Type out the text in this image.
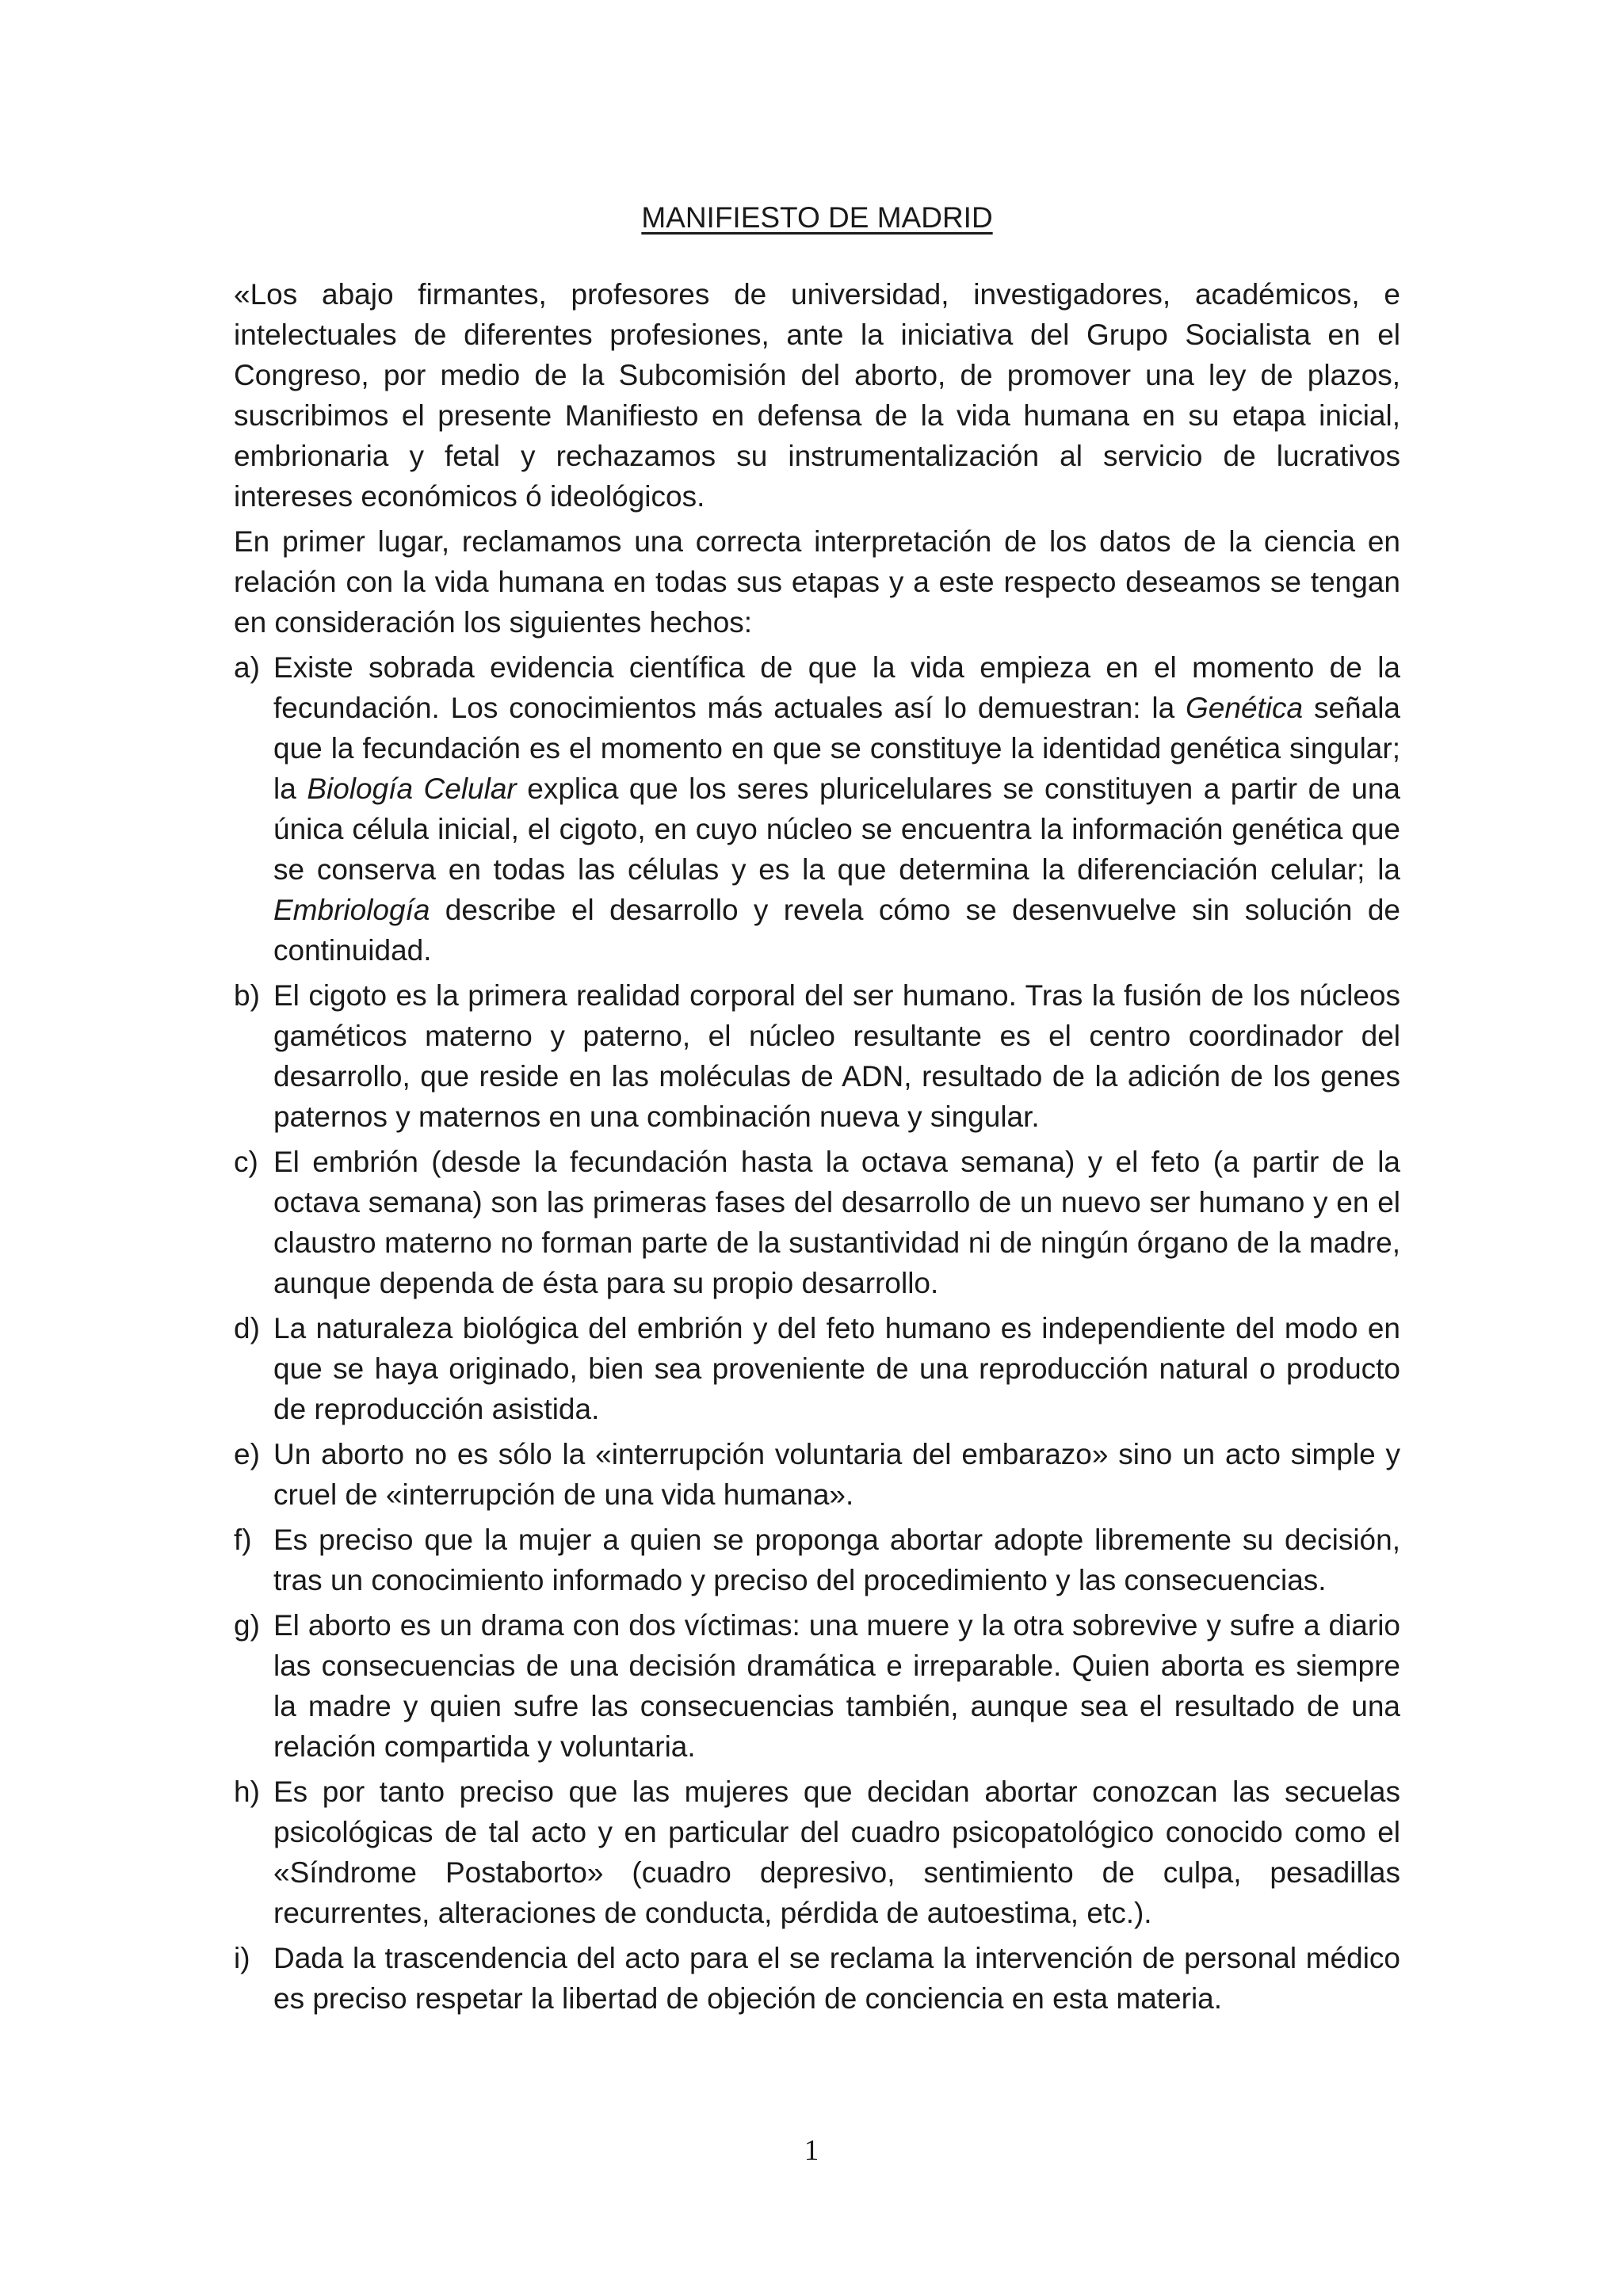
MANIFIESTO DE MADRID

«Los abajo firmantes, profesores de universidad, investigadores, académicos, e intelectuales de diferentes profesiones, ante la iniciativa del Grupo Socialista en el Congreso, por medio de la Subcomisión del aborto, de promover una ley de plazos, suscribimos el presente Manifiesto en defensa de la vida humana en su etapa inicial, embrionaria y fetal y rechazamos su instrumentalización al servicio de lucrativos intereses económicos ó ideológicos.

En primer lugar, reclamamos una correcta interpretación de los datos de la ciencia en relación con la vida humana en todas sus etapas y a este respecto deseamos se tengan en consideración los siguientes hechos:

a) Existe sobrada evidencia científica de que la vida empieza en el momento de la fecundación. Los conocimientos más actuales así lo demuestran: la Genética señala que la fecundación es el momento en que se constituye la identidad genética singular; la Biología Celular explica que los seres pluricelulares se constituyen a partir de una única célula inicial, el cigoto, en cuyo núcleo se encuentra la información genética que se conserva en todas las células y es la que determina la diferenciación celular; la Embriología describe el desarrollo y revela cómo se desenvuelve sin solución de continuidad.
b) El cigoto es la primera realidad corporal del ser humano. Tras la fusión de los núcleos gaméticos materno y paterno, el núcleo resultante es el centro coordinador del desarrollo, que reside en las moléculas de ADN, resultado de la adición de los genes paternos y maternos en una combinación nueva y singular.
c) El embrión (desde la fecundación hasta la octava semana) y el feto (a partir de la octava semana) son las primeras fases del desarrollo de un nuevo ser humano y en el claustro materno no forman parte de la sustantividad ni de ningún órgano de la madre, aunque dependa de ésta para su propio desarrollo.
d) La naturaleza biológica del embrión y del feto humano es independiente del modo en que se haya originado, bien sea proveniente de una reproducción natural o producto de reproducción asistida.
e) Un aborto no es sólo la «interrupción voluntaria del embarazo» sino un acto simple y cruel de «interrupción de una vida humana».
f) Es preciso que la mujer a quien se proponga abortar adopte libremente su decisión, tras un conocimiento informado y preciso del procedimiento y las consecuencias.
g) El aborto es un drama con dos víctimas: una muere y la otra sobrevive y sufre a diario las consecuencias de una decisión dramática e irreparable. Quien aborta es siempre la madre y quien sufre las consecuencias también, aunque sea el resultado de una relación compartida y voluntaria.
h) Es por tanto preciso que las mujeres que decidan abortar conozcan las secuelas psicológicas de tal acto y en particular del cuadro psicopatológico conocido como el «Síndrome Postaborto» (cuadro depresivo, sentimiento de culpa, pesadillas recurrentes, alteraciones de conducta, pérdida de autoestima, etc.).
i) Dada la trascendencia del acto para el se reclama la intervención de personal médico es preciso respetar la libertad de objeción de conciencia en esta materia.
1
